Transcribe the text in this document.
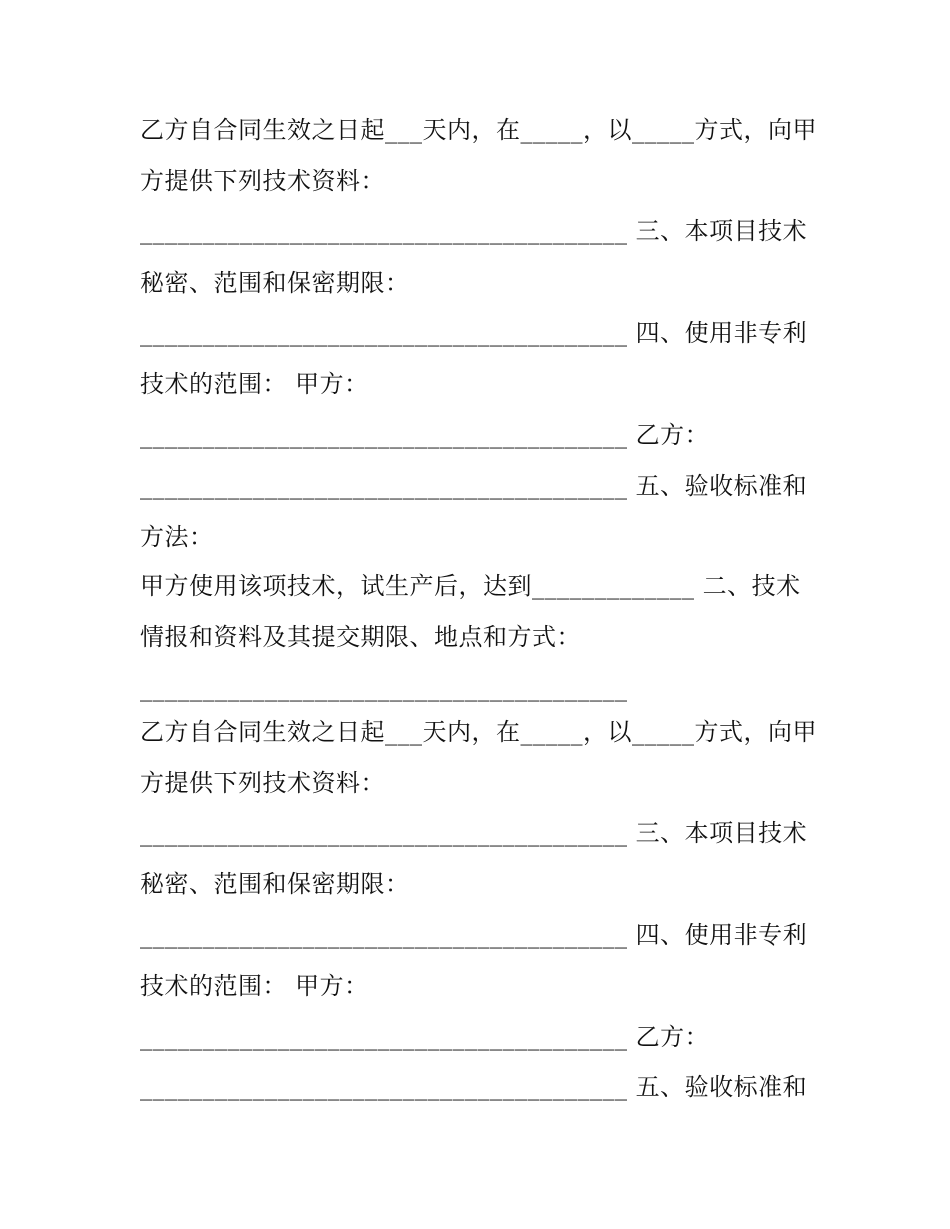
乙方自合同生效之日起___天内，在_____，以_____方式，向甲
方提供下列技术资料：
_______________________________________ 三、本项目技术
秘密、范围和保密期限：
_______________________________________ 四、使用非专利
技术的范围： 甲方：
_______________________________________ 乙方：
_______________________________________ 五、验收标准和
方法：
甲方使用该项技术，试生产后，达到_____________ 二、技术
情报和资料及其提交期限、地点和方式：
_______________________________________
乙方自合同生效之日起___天内，在_____，以_____方式，向甲
方提供下列技术资料：
_______________________________________ 三、本项目技术
秘密、范围和保密期限：
_______________________________________ 四、使用非专利
技术的范围： 甲方：
_______________________________________ 乙方：
_______________________________________ 五、验收标准和
